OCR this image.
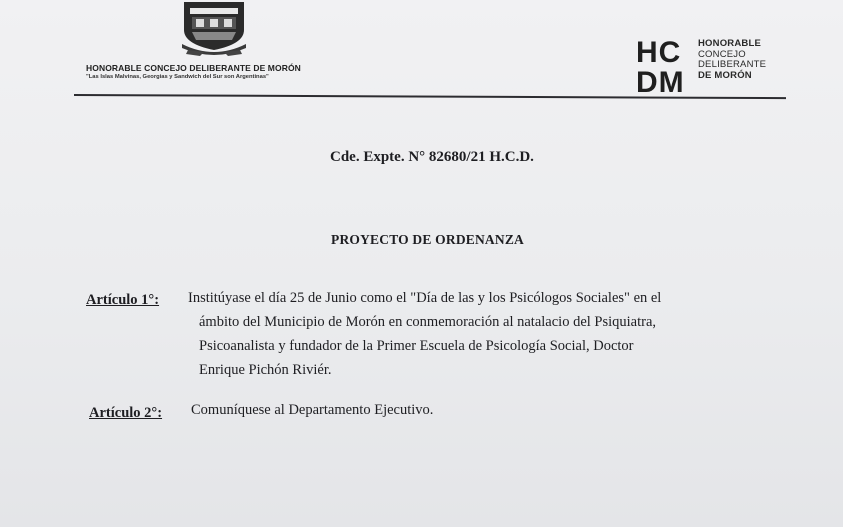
HONORABLE CONCEJO DELIBERANTE DE MORÓN
"Las Islas Malvinas, Georgias y Sandwich del Sur son Argentinas"
HC
DM
HONORABLE
CONCEJO
DELIBERANTE
DE MORÓN
Cde. Expte. N° 82680/21 H.C.D.
PROYECTO DE ORDENANZA
Artículo 1°: Institúyase el día 25 de Junio como el "Día de las y los Psicólogos Sociales" en el
ámbito del Municipio de Morón en conmemoración al natalacio del Psiquiatra,
Psicoanalista y fundador de la Primer Escuela de Psicología Social, Doctor
Enrique Pichón Riviér.
Artículo 2°: Comuníquese al Departamento Ejecutivo.
